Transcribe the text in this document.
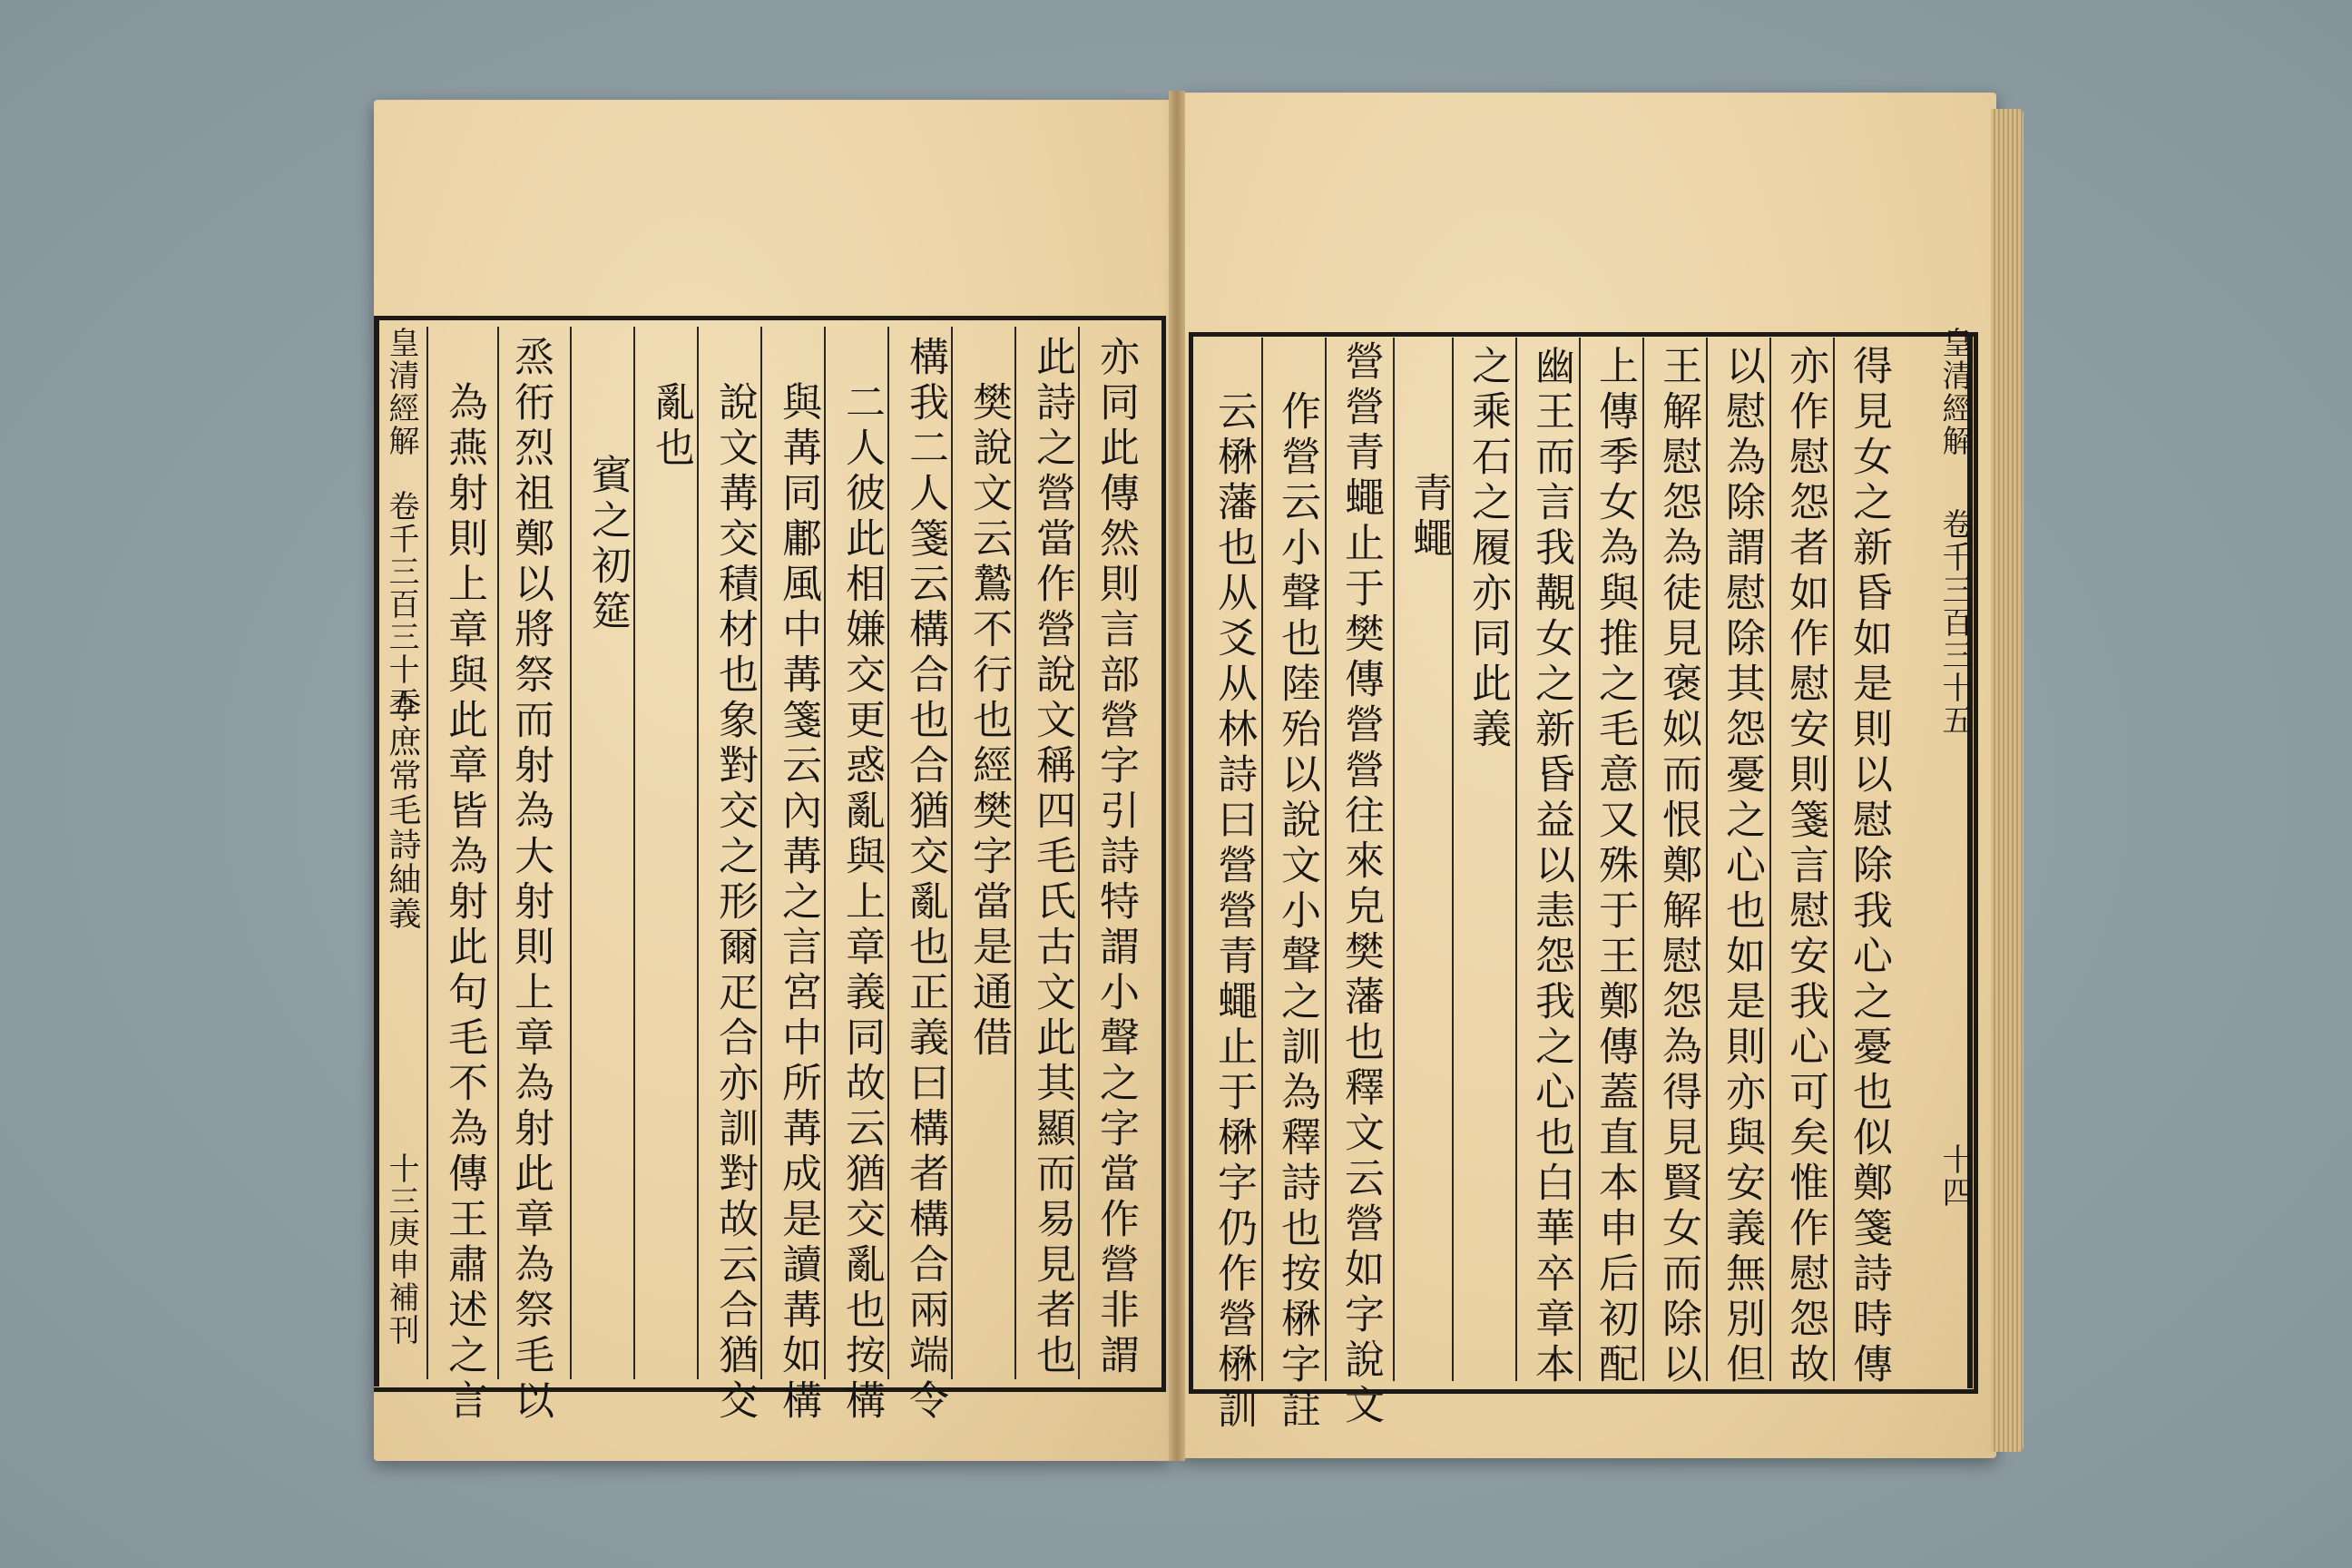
皇清經解
卷千三百三十五
李庶常毛詩紬義
十三
庚申補刊	亦同此傳然則言部營字引詩特謂小聲之字當作營非謂
此詩之營當作營說文稱四毛氏古文此其顯而易見者也
樊說文云鷙不行也經樊字當是通借
構我二人箋云構合也合猶交亂也正義曰構者構合兩端令
二人彼此相嫌交更惑亂與上章義同故云猶交亂也按構
與冓同鄘風中冓箋云內冓之言宮中所冓成是讀冓如構
說文冓交積材也象對交之形爾疋合亦訓對故云合猶交
亂也
賓之初筵
烝衎烈祖鄭以將祭而射為大射則上章為射此章為祭毛以
為燕射則上章與此章皆為射此句毛不為傳王肅述之言	得見女之新昏如是則以慰除我心之憂也似鄭箋詩時傳
亦作慰怨者如作慰安則箋言慰安我心可矣惟作慰怨故
以慰為除謂慰除其怨憂之心也如是則亦與安義無別但
王解慰怨為徒見褒姒而恨鄭解慰怨為得見賢女而除以
上傳季女為與推之毛意又殊于王鄭傳蓋直本申后初配
幽王而言我覯女之新昏益以恚怨我之心也白華卒章本
之乘石之履亦同此義
青蠅
營營青蠅止于樊傳營營往來皃樊藩也釋文云營如字說文
作營云小聲也陸殆以說文小聲之訓為釋詩也按楙字註
云楙藩也从爻从林詩曰營營青蠅止于楙字仍作營楙訓	皇清經解
卷千三百三十五
十四
